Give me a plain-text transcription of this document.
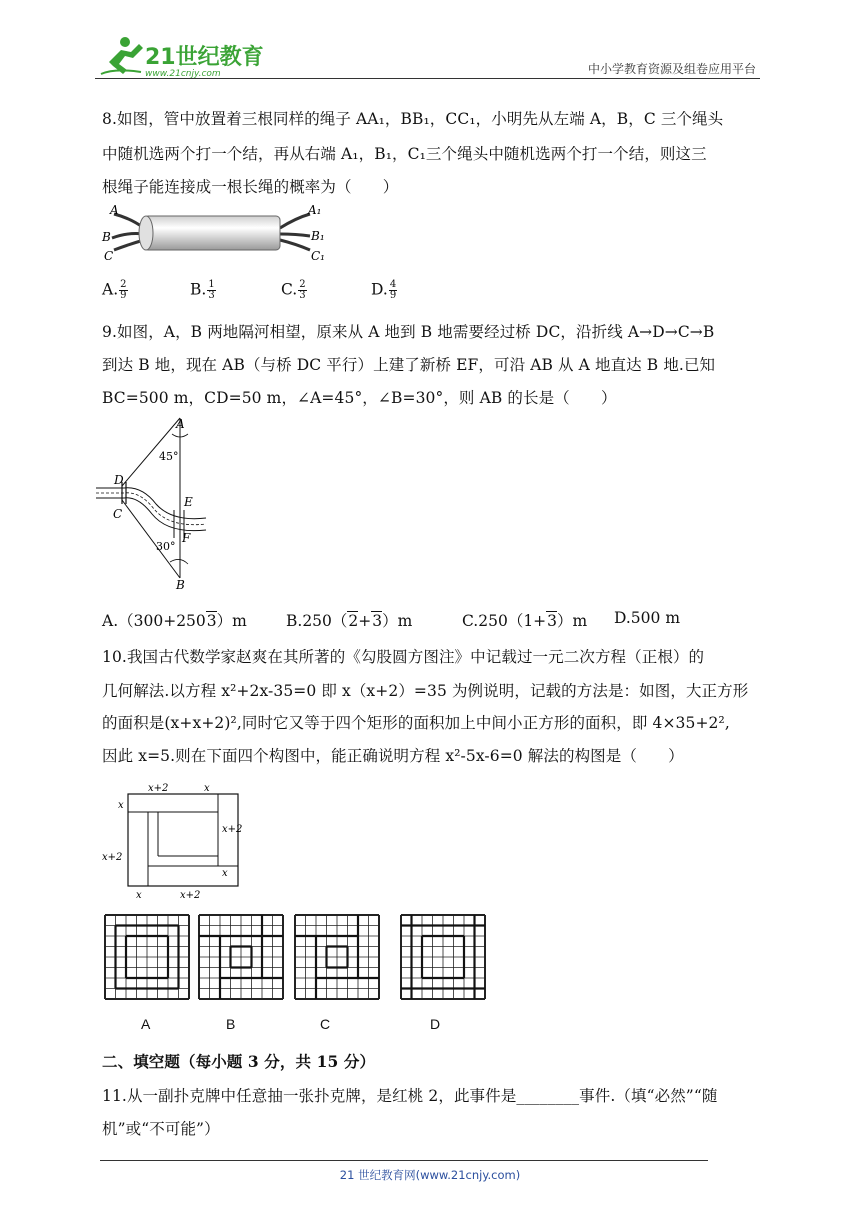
21世纪教育
www.21cnjy.com	中小学教育资源及组卷应用平台
8.如图，管中放置着三根同样的绳子 AA₁，BB₁，CC₁，小明先从左端 A，B，C 三个绳头
中随机选两个打一个结，再从右端 A₁，B₁，C₁三个绳头中随机选两个打一个结，则这三
根绳子能连接成一根长绳的概率为（　　）
A
B
C
A₁
B₁
C₁
A. $\frac{2}{9}$	B. $\frac{1}{3}$	C. $\frac{2}{3}$	D. $\frac{4}{9}$
9.如图，A，B 两地隔河相望，原来从 A 地到 B 地需要经过桥 DC，沿折线 A→D→C→B
到达 B 地，现在 AB（与桥 DC 平行）上建了新桥 EF，可沿 AB 从 A 地直达 B 地.已知
BC=500 m，CD=50 m，∠A=45°，∠B=30°，则 AB 的长是（　　）
A
45°
D
C
E
F
30°
B
A.（300+2503）m	B.250（2+3）m	C.250（1+3）m D.500 m
10.我国古代数学家赵爽在其所著的《勾股圆方图注》中记载过一元二次方程（正根）的
几何解法.以方程 x²+2x-35=0 即 x（x+2）=35 为例说明，记载的方法是：如图，大正方形
的面积是(x+x+2)²,同时它又等于四个矩形的面积加上中间小正方形的面积，即 4×35+2²,
因此 x=5.则在下面四个构图中，能正确说明方程 x²-5x-6=0 解法的构图是（　　）
x+2	x
x
x+2
x+2
x
x	x+2
A	B	C	D
二、填空题（每小题 3 分，共 15 分）
11.从一副扑克牌中任意抽一张扑克牌，是红桃 2，此事件是________事件.（填“必然”“随
机”或“不可能”）
21 世纪教育网(www.21cnjy.com)
